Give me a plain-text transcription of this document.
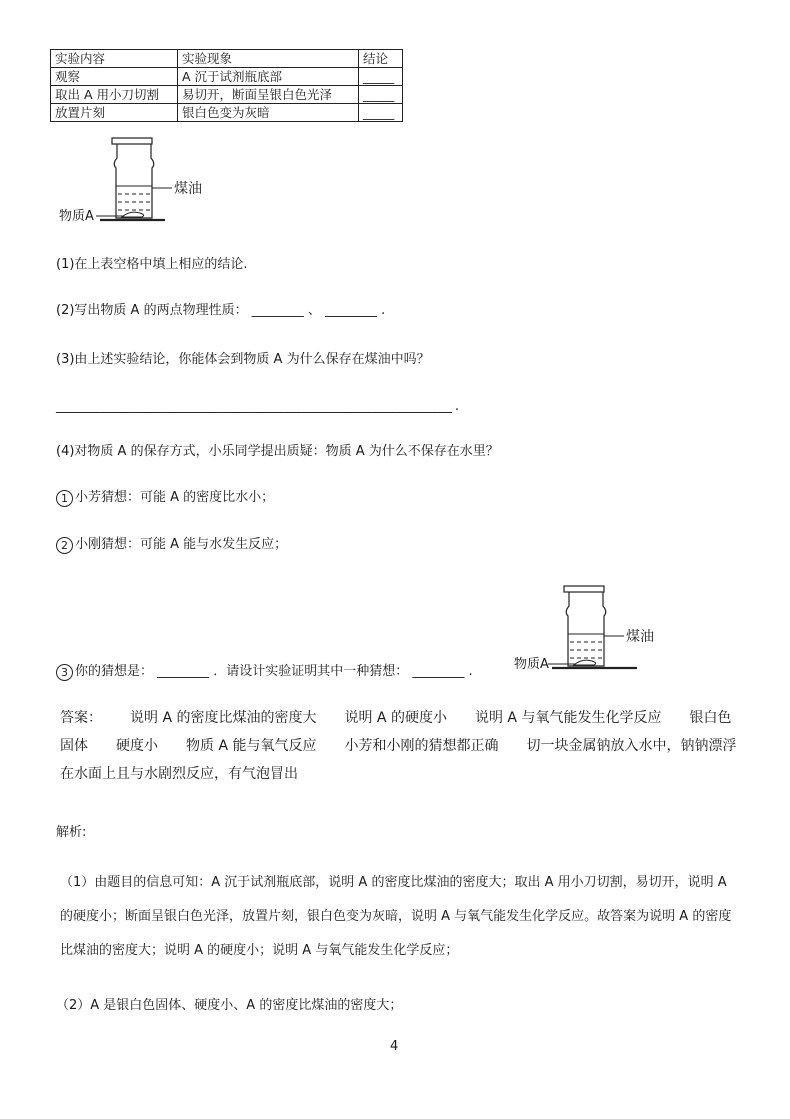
实验内容	实验现象	结论
观察	A 沉于试剂瓶底部	_____
取出 A 用小刀切割	易切开，断面呈银白色光泽	_____
放置片刻	银白色变为灰暗	_____
煤油
物质A
(1)在上表空格中填上相应的结论.
(2)写出物质 A 的两点物理性质： ________ 、 ________ .
(3)由上述实验结论，你能体会到物质 A 为什么保存在煤油中吗？
___________________________________________________________________ .
(4)对物质 A 的保存方式，小乐同学提出质疑：物质 A 为什么不保存在水里？
1 小芳猜想：可能 A 的密度比水小；
2 小刚猜想：可能 A 能与水发生反应；
煤油
物质A
3 你的猜想是： ________ ．请设计实验证明其中一种猜想： ________ .
答案： 说明 A 的密度比煤油的密度大 说明 A 的硬度小 说明 A 与氧气能发生化学反应 银白色固体 硬度小 物质 A 能与氧气反应 小芳和小刚的猜想都正确 切一块金属钠放入水中，钠钠漂浮在水面上且与水剧烈反应，有气泡冒出
解析:
（1）由题目的信息可知：A 沉于试剂瓶底部，说明 A 的密度比煤油的密度大；取出 A 用小刀切割，易切开，说明 A 的硬度小；断面呈银白色光泽，放置片刻，银白色变为灰暗，说明 A 与氧气能发生化学反应。故答案为说明 A 的密度比煤油的密度大；说明 A 的硬度小；说明 A 与氧气能发生化学反应；
（2）A 是银白色固体、硬度小、A 的密度比煤油的密度大；
4
